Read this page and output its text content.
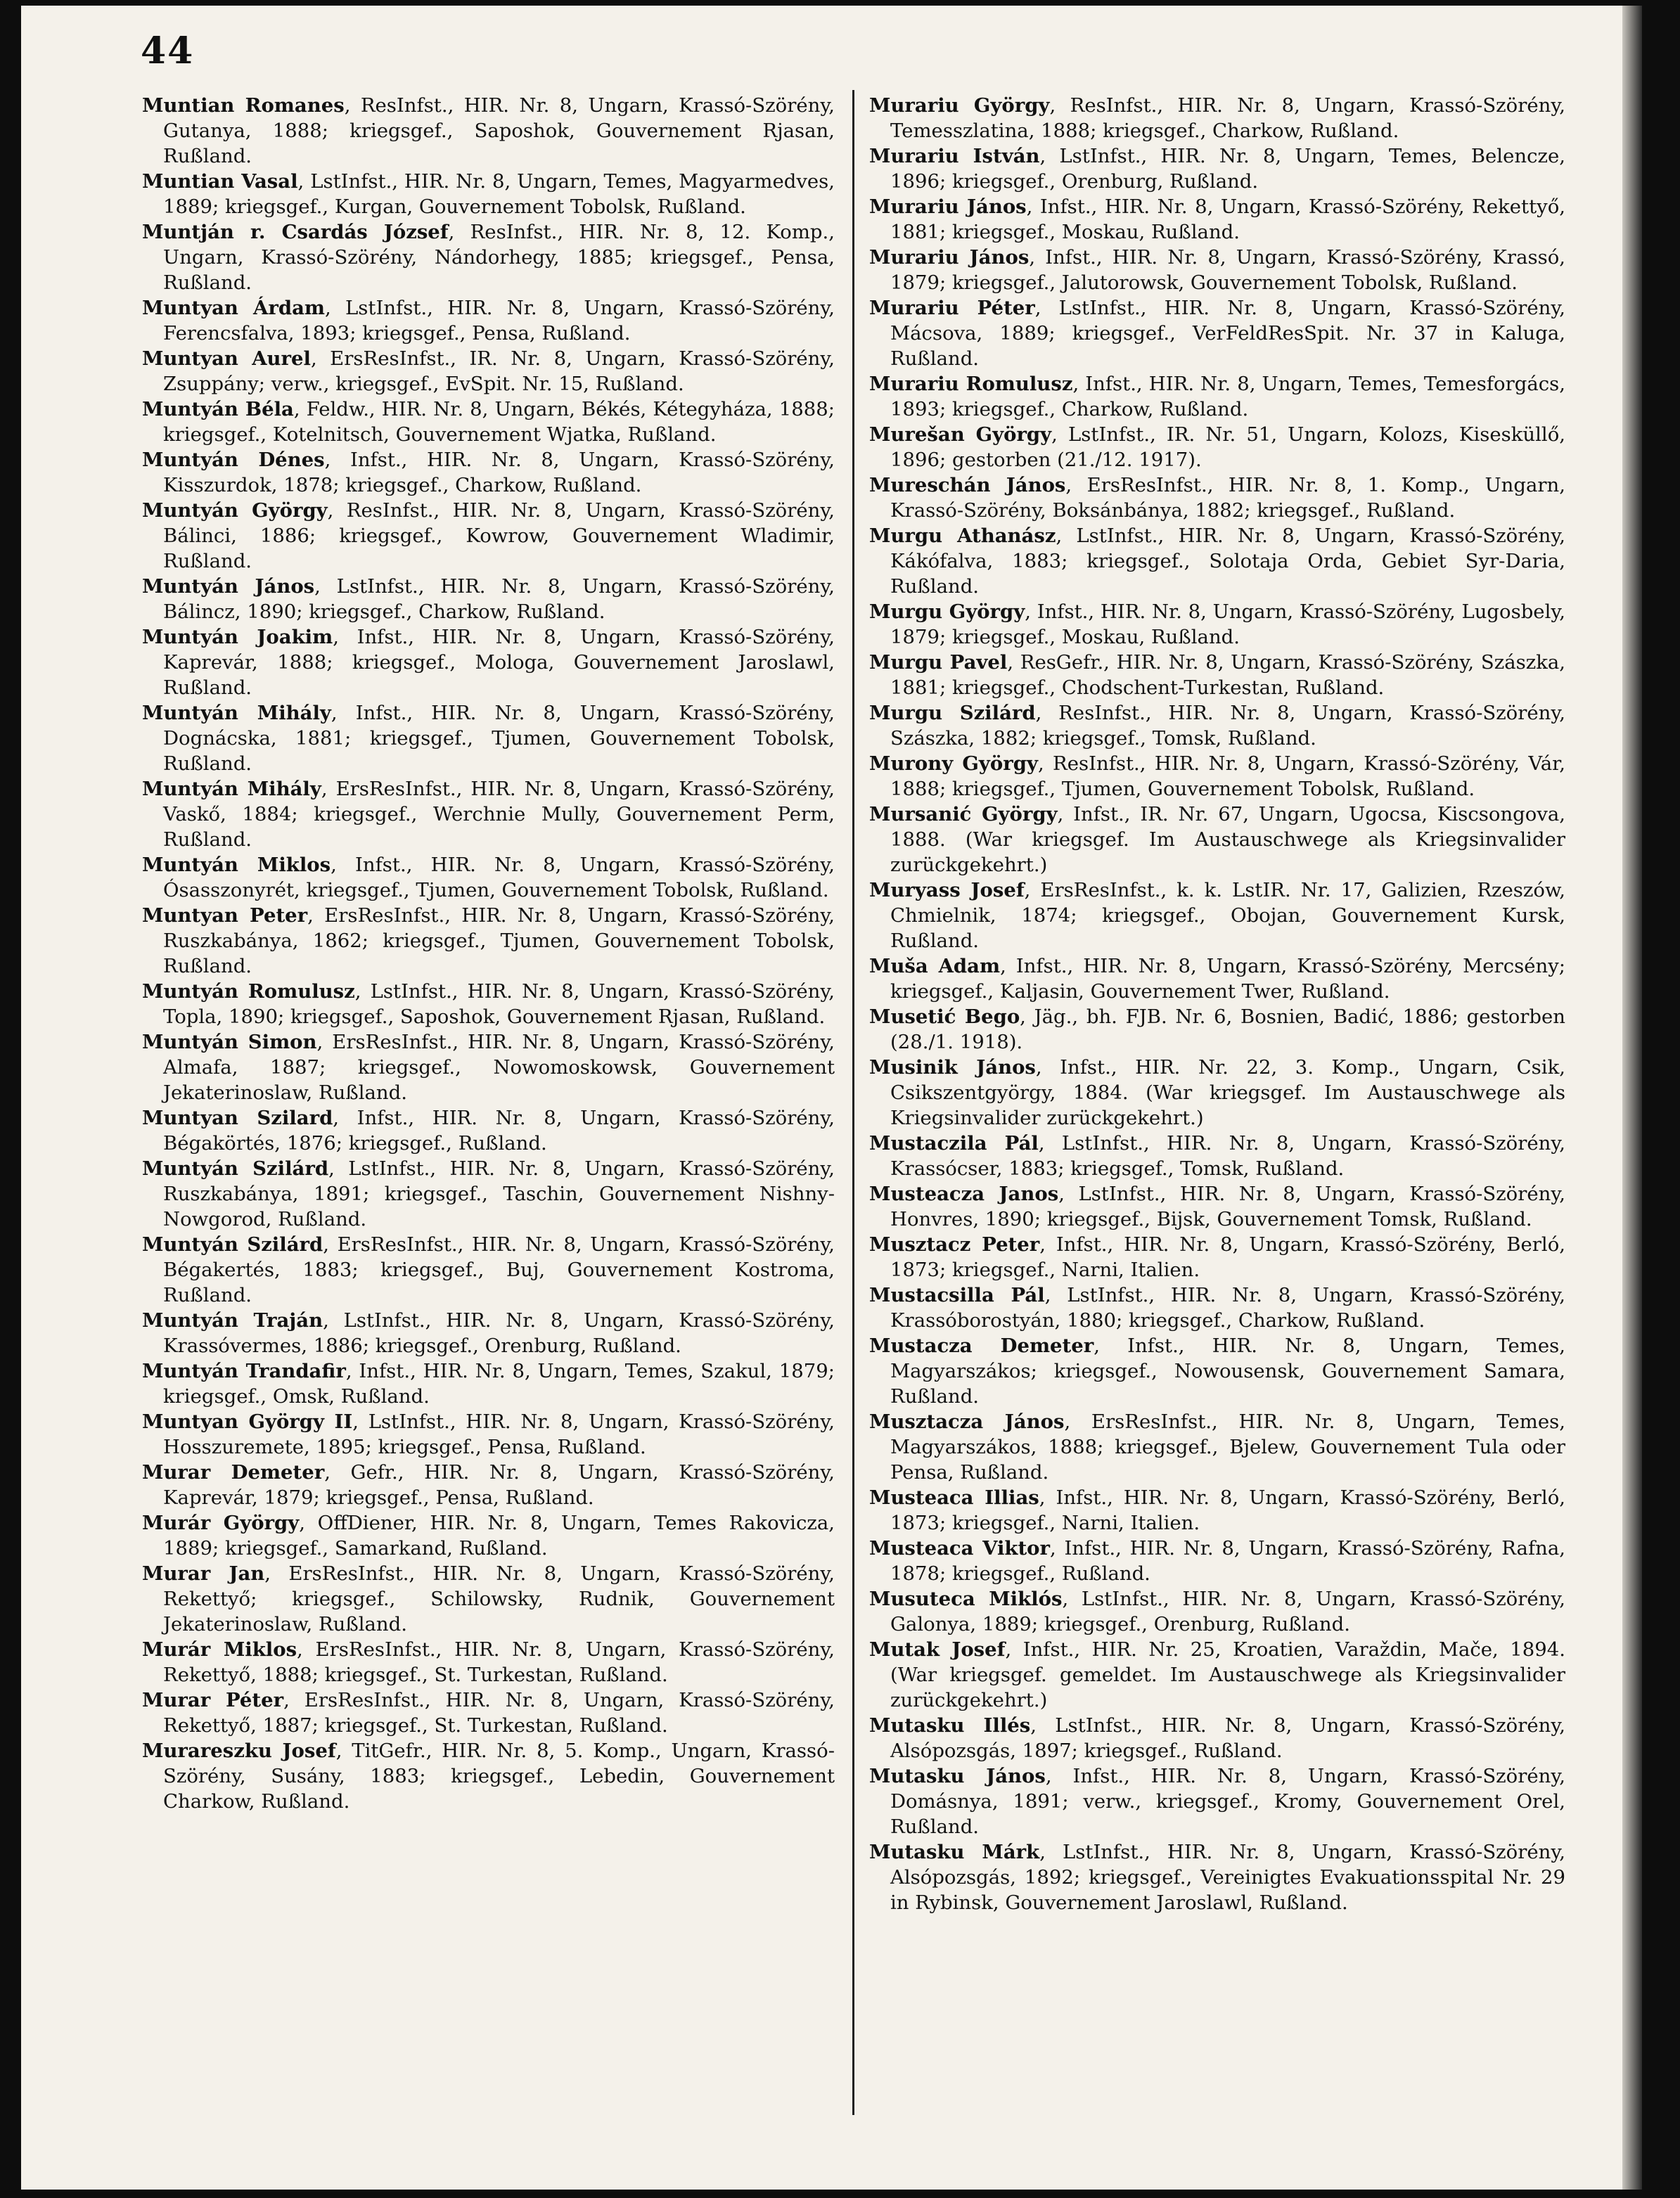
44

Muntian Romanes, ResInfst., HIR. Nr. 8, Ungarn, Krassó-Szörény, Gutanya, 1888; kriegsgef., Saposhok, Gouvernement Rjasan, Rußland.

Muntian Vasal, LstInfst., HIR. Nr. 8, Ungarn, Temes, Magyarmedves, 1889; kriegsgef., Kurgan, Gouvernement Tobolsk, Rußland.

Muntján r. Csardás József, ResInfst., HIR. Nr. 8, 12. Komp., Ungarn, Krassó-Szörény, Nándorhegy, 1885; kriegsgef., Pensa, Rußland.

Muntyan Árdam, LstInfst., HIR. Nr. 8, Ungarn, Krassó-Szörény, Ferencsfalva, 1893; kriegsgef., Pensa, Rußland.

Muntyan Aurel, ErsResInfst., IR. Nr. 8, Ungarn, Krassó-Szörény, Zsuppány; verw., kriegsgef., EvSpit. Nr. 15, Rußland.

Muntyán Béla, Feldw., HIR. Nr. 8, Ungarn, Békés, Kétegyháza, 1888; kriegsgef., Kotelnitsch, Gouvernement Wjatka, Rußland.

Muntyán Dénes, Infst., HIR. Nr. 8, Ungarn, Krassó-Szörény, Kisszurdok, 1878; kriegsgef., Charkow, Rußland.

Muntyán György, ResInfst., HIR. Nr. 8, Ungarn, Krassó-Szörény, Bálinci, 1886; kriegsgef., Kowrow, Gouvernement Wladimir, Rußland.

Muntyán János, LstInfst., HIR. Nr. 8, Ungarn, Krassó-Szörény, Bálincz, 1890; kriegsgef., Charkow, Rußland.

Muntyán Joakim, Infst., HIR. Nr. 8, Ungarn, Krassó-Szörény, Kaprevár, 1888; kriegsgef., Mologa, Gouvernement Jaroslawl, Rußland.

Muntyán Mihály, Infst., HIR. Nr. 8, Ungarn, Krassó-Szörény, Dognácska, 1881; kriegsgef., Tjumen, Gouvernement Tobolsk, Rußland.

Muntyán Mihály, ErsResInfst., HIR. Nr. 8, Ungarn, Krassó-Szörény, Vaskő, 1884; kriegsgef., Werchnie Mully, Gouvernement Perm, Rußland.

Muntyán Miklos, Infst., HIR. Nr. 8, Ungarn, Krassó-Szörény, Ósasszonyrét, kriegsgef., Tjumen, Gouvernement Tobolsk, Rußland.

Muntyan Peter, ErsResInfst., HIR. Nr. 8, Ungarn, Krassó-Szörény, Ruszkabánya, 1862; kriegsgef., Tjumen, Gouvernement Tobolsk, Rußland.

Muntyán Romulusz, LstInfst., HIR. Nr. 8, Ungarn, Krassó-Szörény, Topla, 1890; kriegsgef., Saposhok, Gouvernement Rjasan, Rußland.

Muntyán Simon, ErsResInfst., HIR. Nr. 8, Ungarn, Krassó-Szörény, Almafa, 1887; kriegsgef., Nowomoskowsk, Gouvernement Jekaterinoslaw, Rußland.

Muntyan Szilard, Infst., HIR. Nr. 8, Ungarn, Krassó-Szörény, Bégakörtés, 1876; kriegsgef., Rußland.

Muntyán Szilárd, LstInfst., HIR. Nr. 8, Ungarn, Krassó-Szörény, Ruszkabánya, 1891; kriegsgef., Taschin, Gouvernement Nishny-Nowgorod, Rußland.

Muntyán Szilárd, ErsResInfst., HIR. Nr. 8, Ungarn, Krassó-Szörény, Bégakertés, 1883; kriegsgef., Buj, Gouvernement Kostroma, Rußland.

Muntyán Traján, LstInfst., HIR. Nr. 8, Ungarn, Krassó-Szörény, Krassóvermes, 1886; kriegsgef., Orenburg, Rußland.

Muntyán Trandafir, Infst., HIR. Nr. 8, Ungarn, Temes, Szakul, 1879; kriegsgef., Omsk, Rußland.

Muntyan György II, LstInfst., HIR. Nr. 8, Ungarn, Krassó-Szörény, Hosszuremete, 1895; kriegsgef., Pensa, Rußland.

Murar Demeter, Gefr., HIR. Nr. 8, Ungarn, Krassó-Szörény, Kaprevár, 1879; kriegsgef., Pensa, Rußland.

Murár György, OffDiener, HIR. Nr. 8, Ungarn, Temes Rakovicza, 1889; kriegsgef., Samarkand, Rußland.

Murar Jan, ErsResInfst., HIR. Nr. 8, Ungarn, Krassó-Szörény, Rekettyő; kriegsgef., Schilowsky, Rudnik, Gouvernement Jekaterinoslaw, Rußland.

Murár Miklos, ErsResInfst., HIR. Nr. 8, Ungarn, Krassó-Szörény, Rekettyő, 1888; kriegsgef., St. Turkestan, Rußland.

Murar Péter, ErsResInfst., HIR. Nr. 8, Ungarn, Krassó-Szörény, Rekettyő, 1887; kriegsgef., St. Turkestan, Rußland.

Murareszku Josef, TitGefr., HIR. Nr. 8, 5. Komp., Ungarn, Krassó-Szörény, Susány, 1883; kriegsgef., Lebedin, Gouvernement Charkow, Rußland.

Murariu György, ResInfst., HIR. Nr. 8, Ungarn, Krassó-Szörény, Temesszlatina, 1888; kriegsgef., Charkow, Rußland.

Murariu István, LstInfst., HIR. Nr. 8, Ungarn, Temes, Belencze, 1896; kriegsgef., Orenburg, Rußland.

Murariu János, Infst., HIR. Nr. 8, Ungarn, Krassó-Szörény, Rekettyő, 1881; kriegsgef., Moskau, Rußland.

Murariu János, Infst., HIR. Nr. 8, Ungarn, Krassó-Szörény, Krassó, 1879; kriegsgef., Jalutorowsk, Gouvernement Tobolsk, Rußland.

Murariu Péter, LstInfst., HIR. Nr. 8, Ungarn, Krassó-Szörény, Mácsova, 1889; kriegsgef., VerFeldResSpit. Nr. 37 in Kaluga, Rußland.

Murariu Romulusz, Infst., HIR. Nr. 8, Ungarn, Temes, Temesforgács, 1893; kriegsgef., Charkow, Rußland.

Murešan György, LstInfst., IR. Nr. 51, Ungarn, Kolozs, Kisesküllő, 1896; gestorben (21./12. 1917).

Mureschán János, ErsResInfst., HIR. Nr. 8, 1. Komp., Ungarn, Krassó-Szörény, Boksánbánya, 1882; kriegsgef., Rußland.

Murgu Athanász, LstInfst., HIR. Nr. 8, Ungarn, Krassó-Szörény, Kákófalva, 1883; kriegsgef., Solotaja Orda, Gebiet Syr-Daria, Rußland.

Murgu György, Infst., HIR. Nr. 8, Ungarn, Krassó-Szörény, Lugosbely, 1879; kriegsgef., Moskau, Rußland.

Murgu Pavel, ResGefr., HIR. Nr. 8, Ungarn, Krassó-Szörény, Szászka, 1881; kriegsgef., Chodschent-Turkestan, Rußland.

Murgu Szilárd, ResInfst., HIR. Nr. 8, Ungarn, Krassó-Szörény, Szászka, 1882; kriegsgef., Tomsk, Rußland.

Murony György, ResInfst., HIR. Nr. 8, Ungarn, Krassó-Szörény, Vár, 1888; kriegsgef., Tjumen, Gouvernement Tobolsk, Rußland.

Mursanić György, Infst., IR. Nr. 67, Ungarn, Ugocsa, Kiscsongova, 1888. (War kriegsgef. Im Austauschwege als Kriegsinvalider zurückgekehrt.)

Muryass Josef, ErsResInfst., k. k. LstIR. Nr. 17, Galizien, Rzeszów, Chmielnik, 1874; kriegsgef., Obojan, Gouvernement Kursk, Rußland.

Muša Adam, Infst., HIR. Nr. 8, Ungarn, Krassó-Szörény, Mercsény; kriegsgef., Kaljasin, Gouvernement Twer, Rußland.

Musetić Bego, Jäg., bh. FJB. Nr. 6, Bosnien, Badić, 1886; gestorben (28./1. 1918).

Musinik János, Infst., HIR. Nr. 22, 3. Komp., Ungarn, Csik, Csikszentgyörgy, 1884. (War kriegsgef. Im Austauschwege als Kriegsinvalider zurückgekehrt.)

Mustaczila Pál, LstInfst., HIR. Nr. 8, Ungarn, Krassó-Szörény, Krassócser, 1883; kriegsgef., Tomsk, Rußland.

Musteacza Janos, LstInfst., HIR. Nr. 8, Ungarn, Krassó-Szörény, Honvres, 1890; kriegsgef., Bijsk, Gouvernement Tomsk, Rußland.

Musztacz Peter, Infst., HIR. Nr. 8, Ungarn, Krassó-Szörény, Berló, 1873; kriegsgef., Narni, Italien.

Mustacsilla Pál, LstInfst., HIR. Nr. 8, Ungarn, Krassó-Szörény, Krassóborostyán, 1880; kriegsgef., Charkow, Rußland.

Mustacza Demeter, Infst., HIR. Nr. 8, Ungarn, Temes, Magyarszákos; kriegsgef., Nowousensk, Gouvernement Samara, Rußland.

Musztacza János, ErsResInfst., HIR. Nr. 8, Ungarn, Temes, Magyarszákos, 1888; kriegsgef., Bjelew, Gouvernement Tula oder Pensa, Rußland.

Musteaca Illias, Infst., HIR. Nr. 8, Ungarn, Krassó-Szörény, Berló, 1873; kriegsgef., Narni, Italien.

Musteaca Viktor, Infst., HIR. Nr. 8, Ungarn, Krassó-Szörény, Rafna, 1878; kriegsgef., Rußland.

Musuteca Miklós, LstInfst., HIR. Nr. 8, Ungarn, Krassó-Szörény, Galonya, 1889; kriegsgef., Orenburg, Rußland.

Mutak Josef, Infst., HIR. Nr. 25, Kroatien, Varaždin, Mače, 1894. (War kriegsgef. gemeldet. Im Austauschwege als Kriegsinvalider zurückgekehrt.)

Mutasku Illés, LstInfst., HIR. Nr. 8, Ungarn, Krassó-Szörény, Alsópozsgás, 1897; kriegsgef., Rußland.

Mutasku János, Infst., HIR. Nr. 8, Ungarn, Krassó-Szörény, Domásnya, 1891; verw., kriegsgef., Kromy, Gouvernement Orel, Rußland.

Mutasku Márk, LstInfst., HIR. Nr. 8, Ungarn, Krassó-Szörény, Alsópozsgás, 1892; kriegsgef., Vereinigtes Evakuationsspital Nr. 29 in Rybinsk, Gouvernement Jaroslawl, Rußland.
